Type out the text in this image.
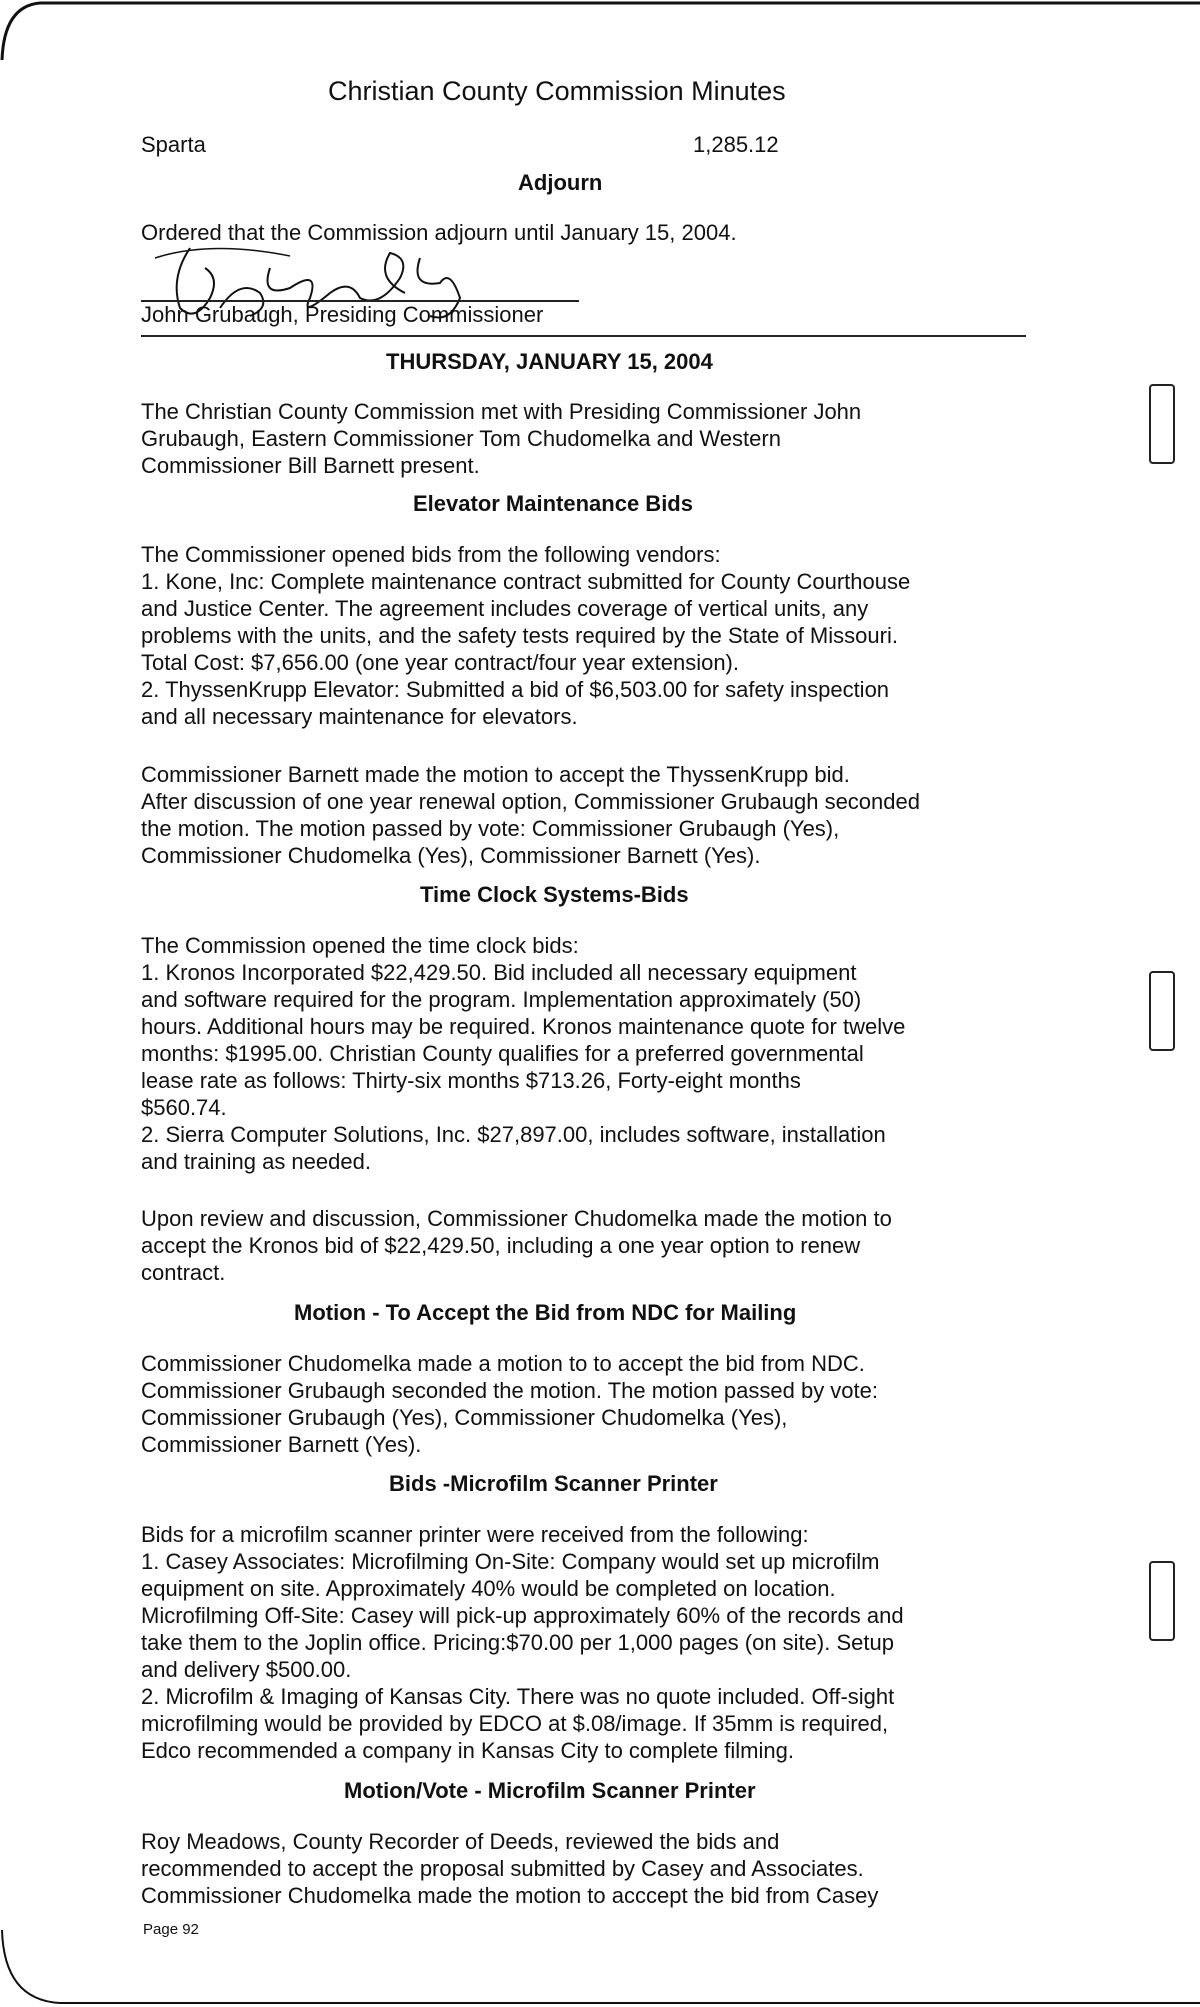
Christian County Commission Minutes
Sparta	1,285.12
Adjourn
Ordered that the Commission adjourn until January 15, 2004.
John Grubaugh, Presiding Commissioner
THURSDAY, JANUARY 15, 2004
The Christian County Commission met with Presiding Commissioner John
Grubaugh, Eastern Commissioner Tom Chudomelka and Western
Commissioner Bill Barnett present.
Elevator Maintenance Bids
The Commissioner opened bids from the following vendors:
1. Kone, Inc: Complete maintenance contract submitted for County Courthouse
and Justice Center. The agreement includes coverage of vertical units, any
problems with the units, and the safety tests required by the State of Missouri.
Total Cost: $7,656.00 (one year contract/four year extension).
2. ThyssenKrupp Elevator: Submitted a bid of $6,503.00 for safety inspection
and all necessary maintenance for elevators.
Commissioner Barnett made the motion to accept the ThyssenKrupp bid.
After discussion of one year renewal option, Commissioner Grubaugh seconded
the motion. The motion passed by vote: Commissioner Grubaugh (Yes),
Commissioner Chudomelka (Yes), Commissioner Barnett (Yes).
Time Clock Systems-Bids
The Commission opened the time clock bids:
1. Kronos Incorporated $22,429.50. Bid included all necessary equipment
and software required for the program. Implementation approximately (50)
hours. Additional hours may be required. Kronos maintenance quote for twelve
months: $1995.00. Christian County qualifies for a preferred governmental
lease rate as follows: Thirty-six months $713.26, Forty-eight months
$560.74.
2. Sierra Computer Solutions, Inc. $27,897.00, includes software, installation
and training as needed.
Upon review and discussion, Commissioner Chudomelka made the motion to
accept the Kronos bid of $22,429.50, including a one year option to renew
contract.
Motion - To Accept the Bid from NDC for Mailing
Commissioner Chudomelka made a motion to to accept the bid from NDC.
Commissioner Grubaugh seconded the motion. The motion passed by vote:
Commissioner Grubaugh (Yes), Commissioner Chudomelka (Yes),
Commissioner Barnett (Yes).
Bids -Microfilm Scanner Printer
Bids for a microfilm scanner printer were received from the following:
1. Casey Associates: Microfilming On-Site: Company would set up microfilm
equipment on site. Approximately 40% would be completed on location.
Microfilming Off-Site: Casey will pick-up approximately 60% of the records and
take them to the Joplin office. Pricing:$70.00 per 1,000 pages (on site). Setup
and delivery $500.00.
2. Microfilm & Imaging of Kansas City. There was no quote included. Off-sight
microfilming would be provided by EDCO at $.08/image. If 35mm is required,
Edco recommended a company in Kansas City to complete filming.
Motion/Vote - Microfilm Scanner Printer
Roy Meadows, County Recorder of Deeds, reviewed the bids and
recommended to accept the proposal submitted by Casey and Associates.
Commissioner Chudomelka made the motion to acccept the bid from Casey
Page 92
